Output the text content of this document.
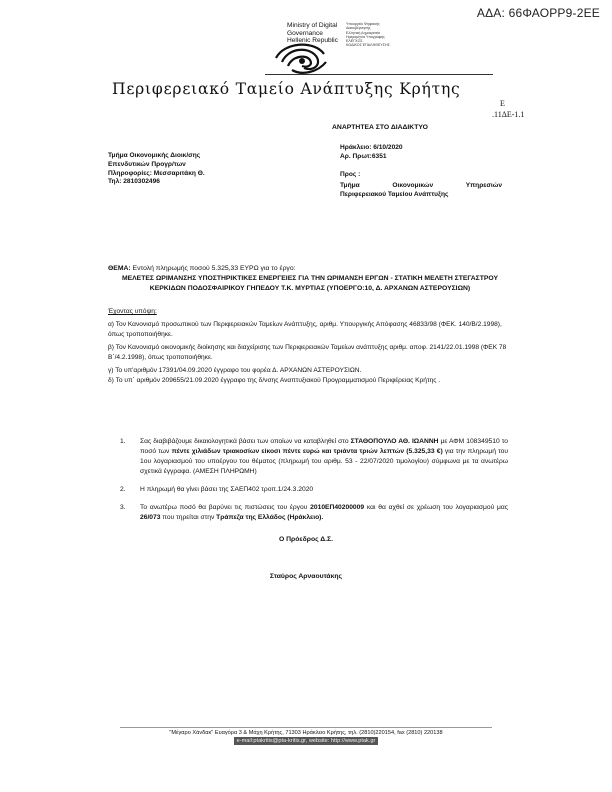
ΑΔΑ: 66ΦΑΟΡΡ9-2ΕΕ
Ministry of Digital
Governance
Hellenic Republic
Υπουργείο Ψηφιακής
Διακυβέρνησης
Ελληνική Δημοκρατία
Ημερομηνία Υπογραφής
ΕΛΕΓΧΟΣ
ΚΩΔΙΚΟΣ ΕΠΑΛΗΘΕΥΣΗΣ
Περιφερειακό Ταμείο Ανάπτυξης Κρήτης
Ε
.11ΔΕ-1.1
ΑΝΑΡΤΗΤΕΑ ΣΤΟ ΔΙΑΔΙΚΤΥΟ
Τμήμα Οικονομικής Διοικ/σης
Επενδυτικών Προγρ/των
Πληροφορίες: Μεσσαριτάκη Θ.
Τηλ: 2810302496
Ηράκλειο: 6/10/2020
Αρ. Πρωτ:6351
Προς :
Τμήμα Οικονομικών Υπηρεσιών
Περιφερειακού Ταμείου Ανάπτυξης
ΘΕΜΑ: Εντολή πληρωμής ποσού 5.325,33 ΕΥΡΩ για το έργο:
ΜΕΛΕΤΕΣ ΩΡΙΜΑΝΣΗΣ ΥΠΟΣΤΗΡΙΚΤΙΚΕΣ ΕΝΕΡΓΕΙΕΣ ΓΙΑ ΤΗΝ ΩΡΙΜΑΝΣΗ ΕΡΓΩΝ - ΣΤΑΤΙΚΗ ΜΕΛΕΤΗ ΣΤΕΓΑΣΤΡΟΥ ΚΕΡΚΙΔΩΝ ΠΟΔΟΣΦΑΙΡΙΚΟΥ ΓΗΠΕΔΟΥ Τ.Κ. ΜΥΡΤΙΑΣ (ΥΠΟΕΡΓΟ:10, Δ. ΑΡΧΑΝΩΝ ΑΣΤΕΡΟΥΣΙΩΝ)
Έχοντας υπόψη:

α) Τον Κανονισμό προσωπικού των Περιφερειακών Ταμείων Ανάπτυξης, αριθμ. Υπουργικής Απόφασης 46833/98 (ΦΕΚ. 140/Β/2.1998), όπως τροποποιήθηκε.

β) Τον Κανονισμό οικονομικής διοίκησης και διαχείρισης των Περιφερειακών Ταμείων ανάπτυξης αριθμ. αποφ. 2141/22.01.1998 (ΦΕΚ 78 Β΄/4.2.1998), όπως τροποποιήθηκε.

γ) Το υπ'αριθμόν 17391/04.09.2020 έγγραφο του φορέα Δ. ΑΡΧΑΝΩΝ ΑΣΤΕΡΟΥΣΙΩΝ.

δ) Το υπ΄ αριθμόν 209655/21.09.2020 έγγραφο της δ/νσης Αναπτυξιακού Προγραμματισμού Περιφέρειας Κρήτης .

1. Σας διαβιβάζουμε δικαιολογητικά βάσει των οποίων να καταβληθεί στο ΣΤΑΘΟΠΟΥΛΟ ΑΘ. ΙΩΑΝΝΗ με ΑΦΜ 108349510 το ποσό των πέντε χιλιάδων τριακοσίων είκοσι πέντε ευρώ και τριάντα τριών λεπτών (5.325,33 €) για την πληρωμή του 1ου λογαριασμού του υποέργου του θέματος (πληρωμή του αριθμ. 53 - 22/07/2020 τιμολογίου) σύμφωνα με τα ανωτέρω σχετικά έγγραφα. (ΑΜΕΣΗ ΠΛΗΡΩΜΗ)
2. Η πληρωμή θα γίνει βάσει της ΣΑΕΠ402 τροπ.1/24.3.2020
3. Το ανωτέρω ποσό θα βαρύνει τις πιστώσεις του έργου 2010ΕΠ40200009 και θα αχθεί σε χρέωση του λογαριασμού μας 26/073 που τηρείται στην Τράπεζα της Ελλάδος (Ηράκλειο).
Ο Πρόεδρος Δ.Σ.
Σταύρος Αρναουτάκης
"Μέγαρο Χάνδακ" Ευαγόρα 3 & Μάχη Κρήτης, 71303 Ηράκλειο Κρήτης, τηλ. (2810)220154, fax (2810) 220138
e-mail:ptakritis@pta-kritis.gr, website: http://www.ptak.gr
